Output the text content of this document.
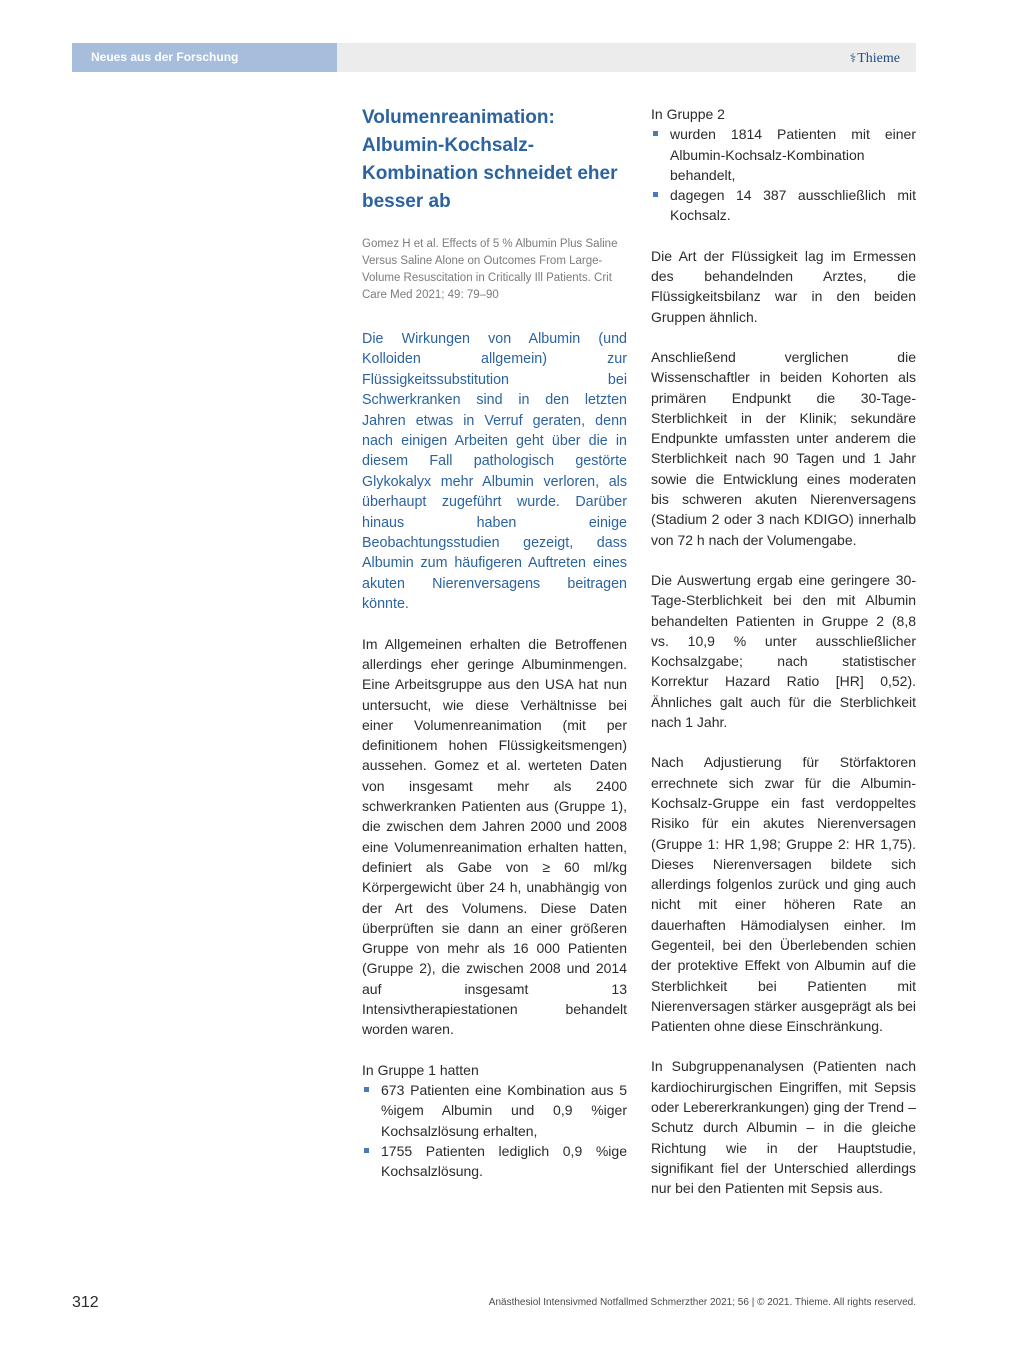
Neues aus der Forschung	⚕Thieme
Volumenreanimation: Albumin-Kochsalz-Kombination schneidet eher besser ab

Gomez H et al. Effects of 5 % Albumin Plus Saline Versus Saline Alone on Outcomes From Large-Volume Resuscitation in Critically Ill Patients. Crit Care Med 2021; 49: 79–90

Die Wirkungen von Albumin (und Kolloiden allgemein) zur Flüssigkeitssubstitution bei Schwerkranken sind in den letzten Jahren etwas in Verruf geraten, denn nach einigen Arbeiten geht über die in diesem Fall pathologisch gestörte Glykokalyx mehr Albumin verloren, als überhaupt zugeführt wurde. Darüber hinaus haben einige Beobachtungsstudien gezeigt, dass Albumin zum häufigeren Auftreten eines akuten Nierenversagens beitragen könnte.

Im Allgemeinen erhalten die Betroffenen allerdings eher geringe Albuminmengen. Eine Arbeitsgruppe aus den USA hat nun untersucht, wie diese Verhältnisse bei einer Volumenreanimation (mit per definitionem hohen Flüssigkeitsmengen) aussehen. Gomez et al. werteten Daten von insgesamt mehr als 2400 schwerkranken Patienten aus (Gruppe 1), die zwischen dem Jahren 2000 und 2008 eine Volumenreanimation erhalten hatten, definiert als Gabe von ≥ 60 ml/kg Körpergewicht über 24 h, unabhängig von der Art des Volumens. Diese Daten überprüften sie dann an einer größeren Gruppe von mehr als 16 000 Patienten (Gruppe 2), die zwischen 2008 und 2014 auf insgesamt 13 Intensivtherapiestationen behandelt worden waren.

In Gruppe 1 hatten

673 Patienten eine Kombination aus 5 %igem Albumin und 0,9 %iger Kochsalzlösung erhalten,
1755 Patienten lediglich 0,9 %ige Kochsalzlösung.

In Gruppe 2

wurden 1814 Patienten mit einer Albumin-Kochsalz-Kombination behandelt,
dagegen 14 387 ausschließlich mit Kochsalz.

Die Art der Flüssigkeit lag im Ermessen des behandelnden Arztes, die Flüssigkeitsbilanz war in den beiden Gruppen ähnlich.

Anschließend verglichen die Wissenschaftler in beiden Kohorten als primären Endpunkt die 30-Tage-Sterblichkeit in der Klinik; sekundäre Endpunkte umfassten unter anderem die Sterblichkeit nach 90 Tagen und 1 Jahr sowie die Entwicklung eines moderaten bis schweren akuten Nierenversagens (Stadium 2 oder 3 nach KDIGO) innerhalb von 72 h nach der Volumengabe.

Die Auswertung ergab eine geringere 30-Tage-Sterblichkeit bei den mit Albumin behandelten Patienten in Gruppe 2 (8,8 vs. 10,9 % unter ausschließlicher Kochsalzgabe; nach statistischer Korrektur Hazard Ratio [HR] 0,52). Ähnliches galt auch für die Sterblichkeit nach 1 Jahr.

Nach Adjustierung für Störfaktoren errechnete sich zwar für die Albumin-Kochsalz-Gruppe ein fast verdoppeltes Risiko für ein akutes Nierenversagen (Gruppe 1: HR 1,98; Gruppe 2: HR 1,75). Dieses Nierenversagen bildete sich allerdings folgenlos zurück und ging auch nicht mit einer höheren Rate an dauerhaften Hämodialysen einher. Im Gegenteil, bei den Überlebenden schien der protektive Effekt von Albumin auf die Sterblichkeit bei Patienten mit Nierenversagen stärker ausgeprägt als bei Patienten ohne diese Einschränkung.

In Subgruppenanalysen (Patienten nach kardiochirurgischen Eingriffen, mit Sepsis oder Lebererkrankungen) ging der Trend – Schutz durch Albumin – in die gleiche Richtung wie in der Hauptstudie, signifikant fiel der Unterschied allerdings nur bei den Patienten mit Sepsis aus.

312	Anästhesiol Intensivmed Notfallmed Schmerzther 2021; 56 | © 2021. Thieme. All rights reserved.
